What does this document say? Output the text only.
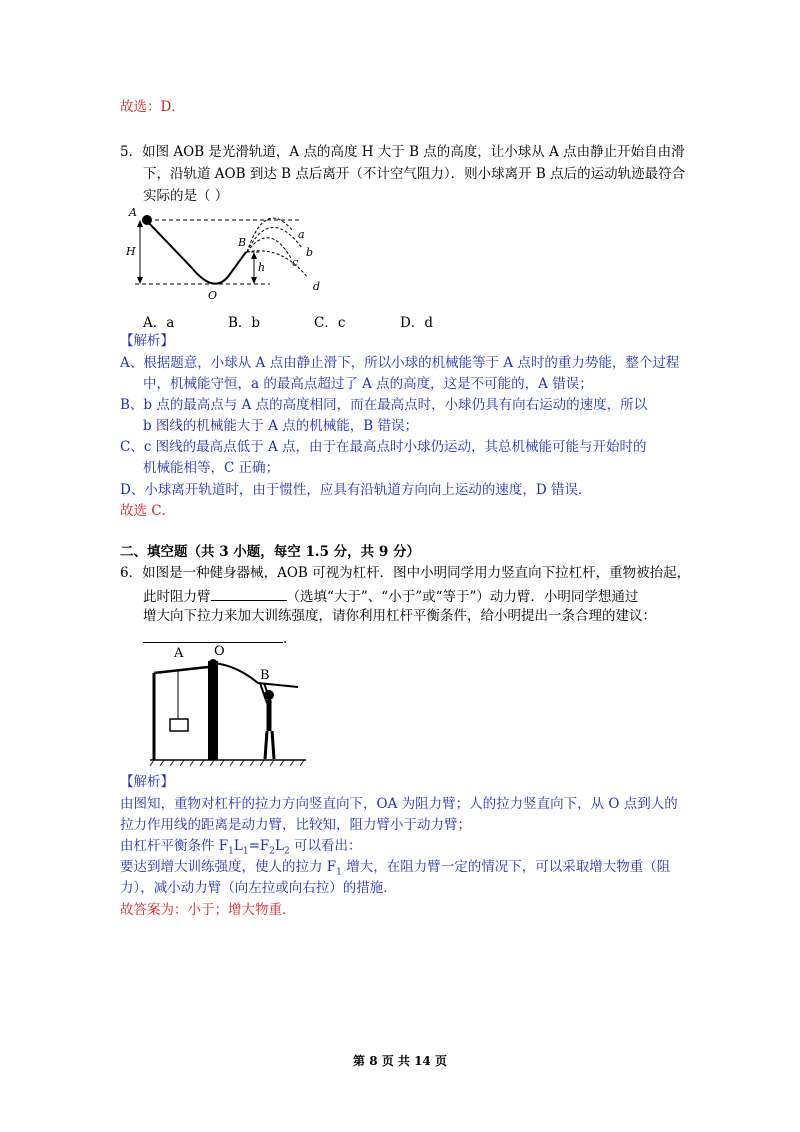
故选：D．
5．如图 AOB 是光滑轨道，A 点的高度 H 大于 B 点的高度，让小球从 A 点由静止开始自由滑
下，沿轨道 AOB 到达 B 点后离开（不计空气阻力）．则小球离开 B 点后的运动轨迹最符合
实际的是（ ）
A
H
B
h
O
a
b
c
d
A．a	B．b	C．c	D．d
【解析】
A、根据题意，小球从 A 点由静止滑下，所以小球的机械能等于 A 点时的重力势能，整个过程
中，机械能守恒，a 的最高点超过了 A 点的高度，这是不可能的，A 错误；
B、b 点的最高点与 A 点的高度相同，而在最高点时，小球仍具有向右运动的速度，所以
b 图线的机械能大于 A 点的机械能，B 错误；
C、c 图线的最高点低于 A 点，由于在最高点时小球仍运动，其总机械能可能与开始时的
机械能相等，C 正确；
D、小球离开轨道时，由于惯性，应具有沿轨道方向向上运动的速度，D 错误．
故选 C．
二、填空题（共 3 小题，每空 1.5 分，共 9 分）
6．如图是一种健身器械，AOB 可视为杠杆．图中小明同学用力竖直向下拉杠杆，重物被抬起，
此时阻力臂	（选填“大于”、“小于”或“等于”）动力臂．小明同学想通过
增大向下拉力来加大训练强度，请你利用杠杆平衡条件，给小明提出一条合理的建议：
．
A O
B
【解析】
由图知，重物对杠杆的拉力方向竖直向下，OA 为阻力臂；人的拉力竖直向下，从 O 点到人的
拉力作用线的距离是动力臂，比较知，阻力臂小于动力臂；
由杠杆平衡条件 $F_1L_1=F_2L_2$ 可以看出：
要达到增大训练强度，使人的拉力 $F_1$ 增大，在阻力臂一定的情况下，可以采取增大物重（阻
力），减小动力臂（向左拉或向右拉）的措施．
故答案为：小于；增大物重．
第 8 页 共 14 页
